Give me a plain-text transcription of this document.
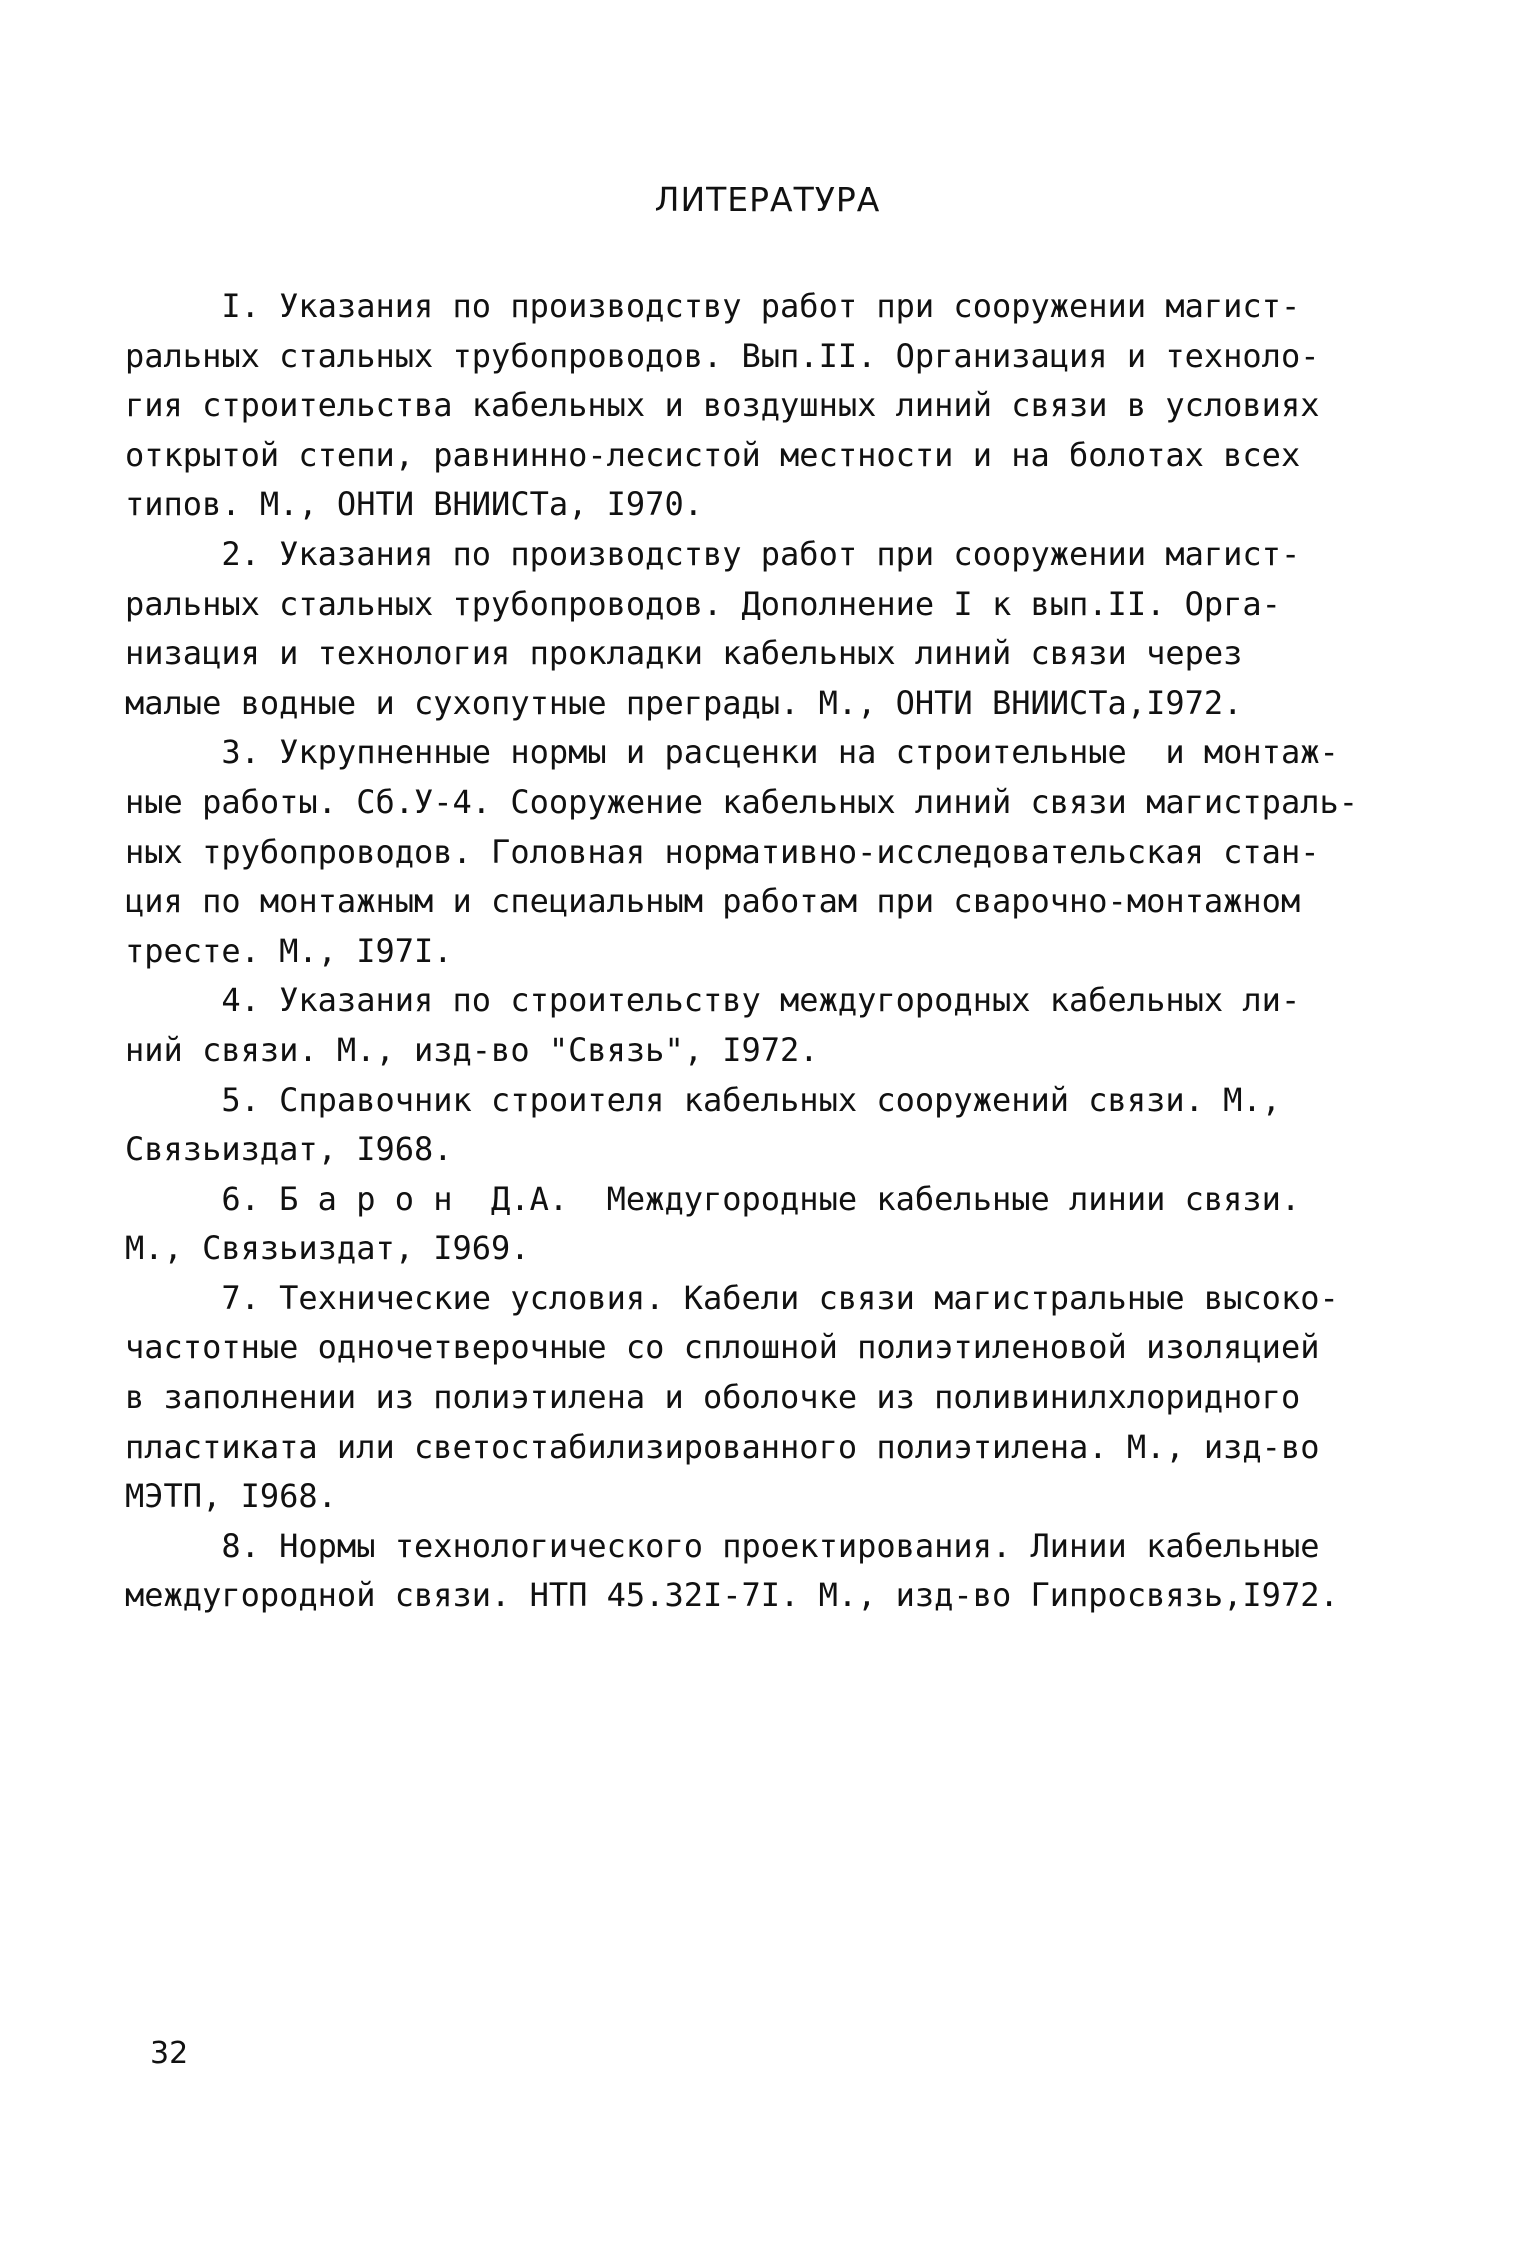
ЛИТЕРАТУРА
I. Указания по производству работ при сооружении магист-
ральных стальных трубопроводов. Вып.II. Организация и техноло-
гия строительства кабельных и воздушных линий связи в условиях
открытой степи, равнинно-лесистой местности и на болотах всех
типов. М., ОНТИ ВНИИСТа, I970.
2. Указания по производству работ при сооружении магист-
ральных стальных трубопроводов. Дополнение I к вып.II. Орга-
низация и технология прокладки кабельных линий связи через
малые водные и сухопутные преграды. М., ОНТИ ВНИИСТа,I972.
3. Укрупненные нормы и расценки на строительные  и монтаж-
ные работы. Сб.У-4. Сооружение кабельных линий связи магистраль-
ных трубопроводов. Головная нормативно-исследовательская стан-
ция по монтажным и специальным работам при сварочно-монтажном
тресте. М., I97I.
4. Указания по строительству междугородных кабельных ли-
ний связи. М., изд-во "Связь", I972.
5. Справочник строителя кабельных сооружений связи. М.,
Связьиздат, I968.
6. Б а р о н  Д.А.  Междугородные кабельные линии связи.
М., Связьиздат, I969.
7. Технические условия. Кабели связи магистральные высоко-
частотные одночетверочные со сплошной полиэтиленовой изоляцией
в заполнении из полиэтилена и оболочке из поливинилхлоридного
пластиката или светостабилизированного полиэтилена. М., изд-во
МЭТП, I968.
8. Нормы технологического проектирования. Линии кабельные
междугородной связи. НТП 45.32I-7I. М., изд-во Гипросвязь,I972.
32
